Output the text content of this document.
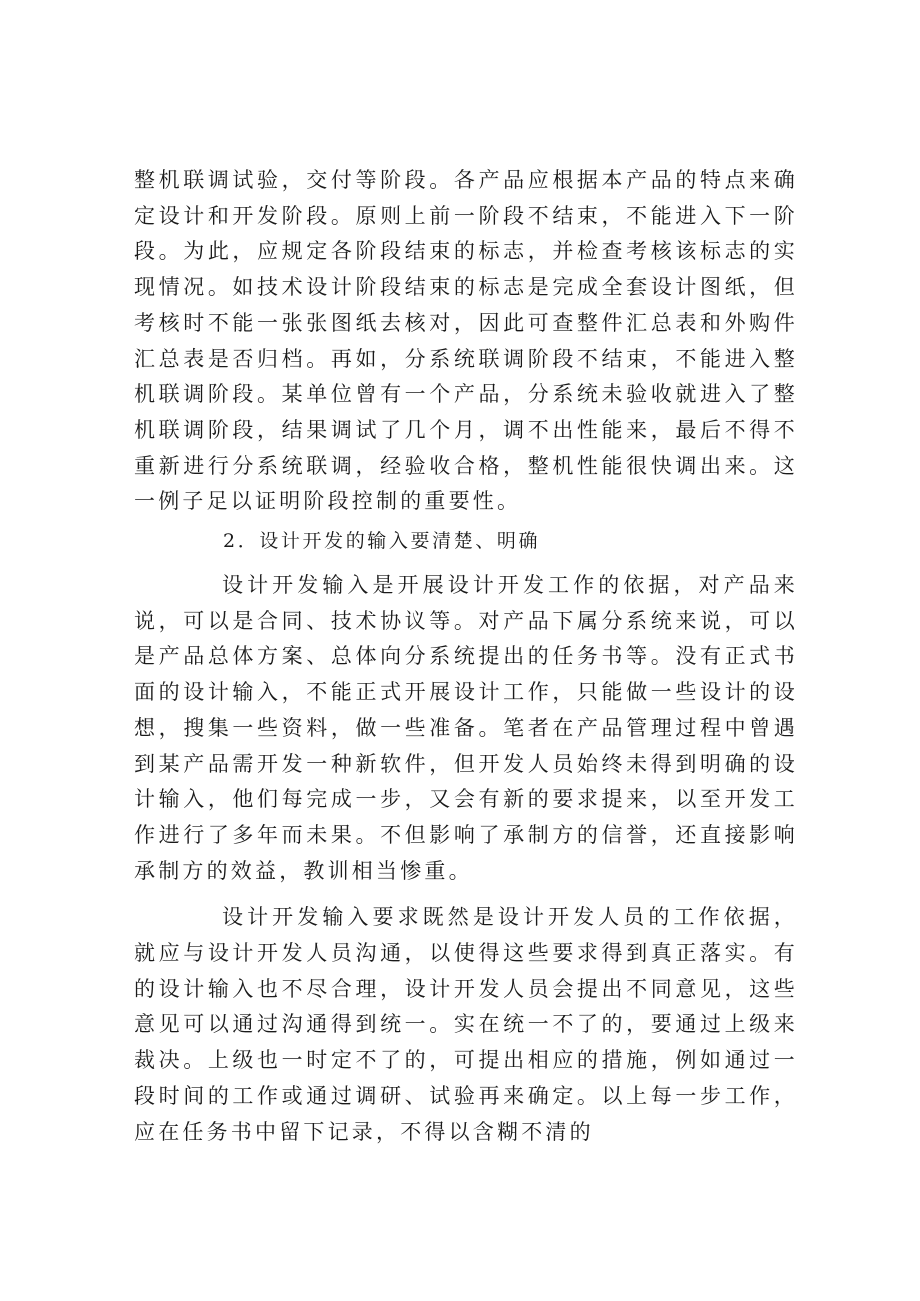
整机联调试验，交付等阶段。各产品应根据本产品的特点来确定设计和开发阶段。原则上前一阶段不结束，不能进入下一阶段。为此，应规定各阶段结束的标志，并检查考核该标志的实现情况。如技术设计阶段结束的标志是完成全套设计图纸，但考核时不能一张张图纸去核对，因此可查整件汇总表和外购件汇总表是否归档。再如，分系统联调阶段不结束，不能进入整机联调阶段。某单位曾有一个产品，分系统未验收就进入了整机联调阶段，结果调试了几个月，调不出性能来，最后不得不重新进行分系统联调，经验收合格，整机性能很快调出来。这一例子足以证明阶段控制的重要性。

2．设计开发的输入要清楚、明确

设计开发输入是开展设计开发工作的依据，对产品来说，可以是合同、技术协议等。对产品下属分系统来说，可以是产品总体方案、总体向分系统提出的任务书等。没有正式书面的设计输入，不能正式开展设计工作，只能做一些设计的设想，搜集一些资料，做一些准备。笔者在产品管理过程中曾遇到某产品需开发一种新软件，但开发人员始终未得到明确的设计输入，他们每完成一步，又会有新的要求提来，以至开发工作进行了多年而未果。不但影响了承制方的信誉，还直接影响承制方的效益，教训相当惨重。

设计开发输入要求既然是设计开发人员的工作依据，就应与设计开发人员沟通，以使得这些要求得到真正落实。有的设计输入也不尽合理，设计开发人员会提出不同意见，这些意见可以通过沟通得到统一。实在统一不了的，要通过上级来裁决。上级也一时定不了的，可提出相应的措施，例如通过一段时间的工作或通过调研、试验再来确定。以上每一步工作，应在任务书中留下记录，不得以含糊不清的
